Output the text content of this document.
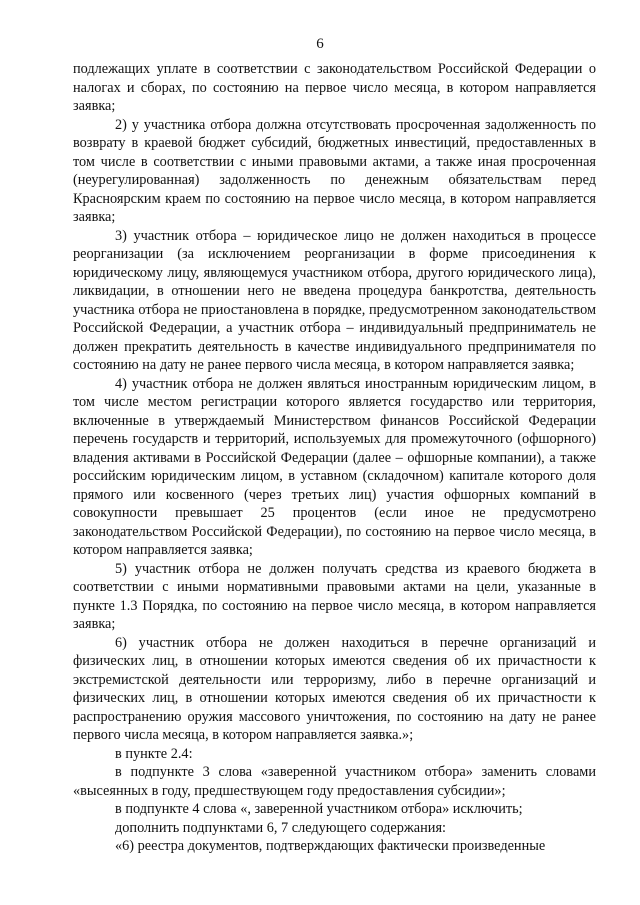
6

подлежащих уплате в соответствии с законодательством Российской Федерации о налогах и сборах, по состоянию на первое число месяца, в котором направляется заявка;

2) у участника отбора должна отсутствовать просроченная задолженность по возврату в краевой бюджет субсидий, бюджетных инвестиций, предоставленных в том числе в соответствии с иными правовыми актами, а также иная просроченная (неурегулированная) задолженность по денежным обязательствам перед Красноярским краем по состоянию на первое число месяца, в котором направляется заявка;

3) участник отбора – юридическое лицо не должен находиться в процессе реорганизации (за исключением реорганизации в форме присоединения к юридическому лицу, являющемуся участником отбора, другого юридического лица), ликвидации, в отношении него не введена процедура банкротства, деятельность участника отбора не приостановлена в порядке, предусмотренном законодательством Российской Федерации, а участник отбора – индивидуальный предприниматель не должен прекратить деятельность в качестве индивидуального предпринимателя по состоянию на дату не ранее первого числа месяца, в котором направляется заявка;

4) участник отбора не должен являться иностранным юридическим лицом, в том числе местом регистрации которого является государство или территория, включенные в утверждаемый Министерством финансов Российской Федерации перечень государств и территорий, используемых для промежуточного (офшорного) владения активами в Российской Федерации (далее – офшорные компании), а также российским юридическим лицом, в уставном (складочном) капитале которого доля прямого или косвенного (через третьих лиц) участия офшорных компаний в совокупности превышает 25 процентов (если иное не предусмотрено законодательством Российской Федерации), по состоянию на первое число месяца, в котором направляется заявка;

5) участник отбора не должен получать средства из краевого бюджета в соответствии с иными нормативными правовыми актами на цели, указанные в пункте 1.3 Порядка, по состоянию на первое число месяца, в котором направляется заявка;

6) участник отбора не должен находиться в перечне организаций и физических лиц, в отношении которых имеются сведения об их причастности к экстремистской деятельности или терроризму, либо в перечне организаций и физических лиц, в отношении которых имеются сведения об их причастности к распространению оружия массового уничтожения, по состоянию на дату не ранее первого числа месяца, в котором направляется заявка.»;

в пункте 2.4:

в подпункте 3 слова «заверенной участником отбора» заменить словами «высеянных в году, предшествующем году предоставления субсидии»;

в подпункте 4 слова «, заверенной участником отбора» исключить;

дополнить подпунктами 6, 7 следующего содержания:

«6) реестра документов, подтверждающих фактически произведенные
